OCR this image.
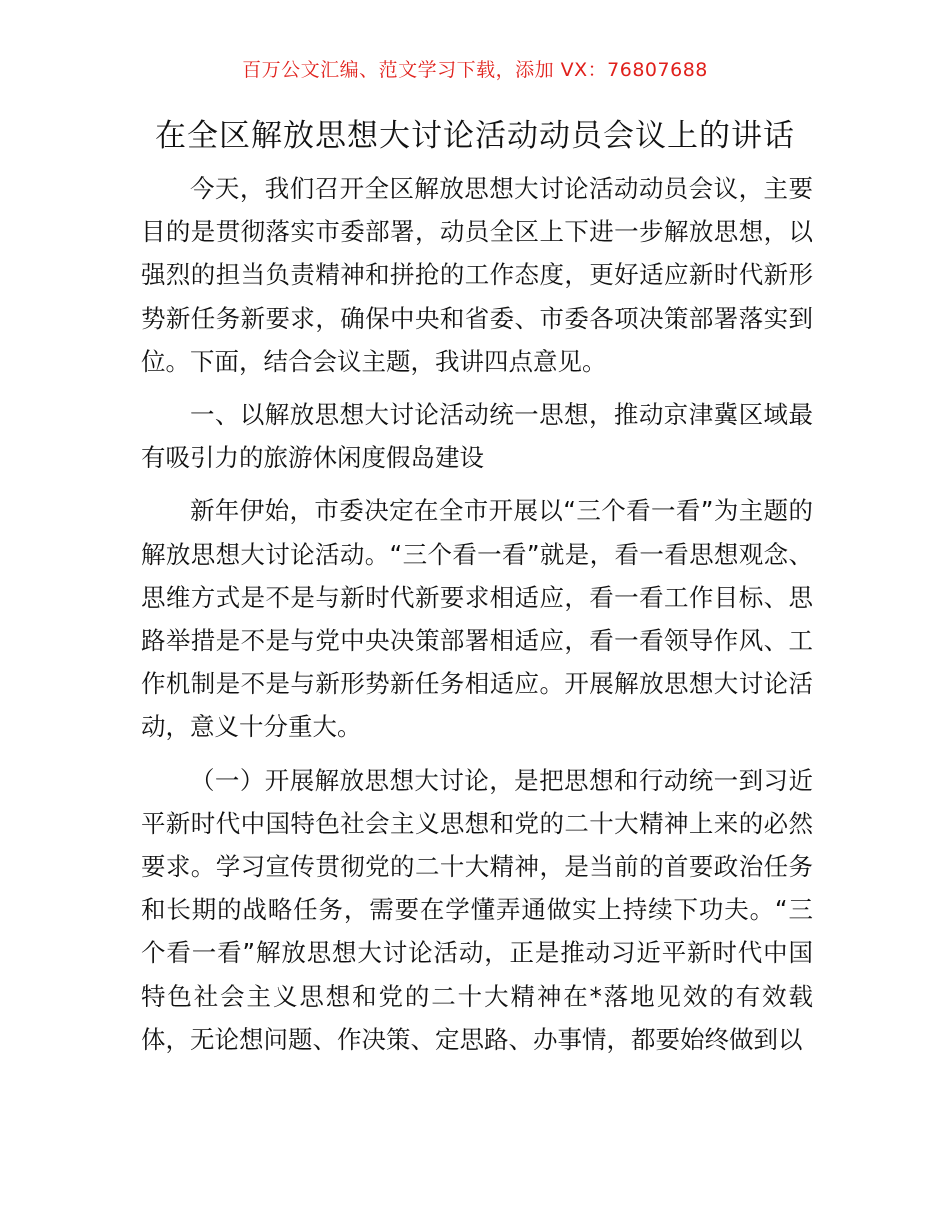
百万公文汇编、范文学习下载，添加 VX：76807688
在全区解放思想大讨论活动动员会议上的讲话

今天，我们召开全区解放思想大讨论活动动员会议，主要目的是贯彻落实市委部署，动员全区上下进一步解放思想，以强烈的担当负责精神和拼抢的工作态度，更好适应新时代新形势新任务新要求，确保中央和省委、市委各项决策部署落实到位。下面，结合会议主题，我讲四点意见。

一、以解放思想大讨论活动统一思想，推动京津冀区域最有吸引力的旅游休闲度假岛建设

新年伊始，市委决定在全市开展以“三个看一看”为主题的解放思想大讨论活动。“三个看一看”就是，看一看思想观念、思维方式是不是与新时代新要求相适应，看一看工作目标、思路举措是不是与党中央决策部署相适应，看一看领导作风、工作机制是不是与新形势新任务相适应。开展解放思想大讨论活动，意义十分重大。

（一）开展解放思想大讨论，是把思想和行动统一到习近平新时代中国特色社会主义思想和党的二十大精神上来的必然要求。学习宣传贯彻党的二十大精神，是当前的首要政治任务和长期的战略任务，需要在学懂弄通做实上持续下功夫。“三个看一看”解放思想大讨论活动，正是推动习近平新时代中国特色社会主义思想和党的二十大精神在*落地见效的有效载体，无论想问题、作决策、定思路、办事情，都要始终做到以
